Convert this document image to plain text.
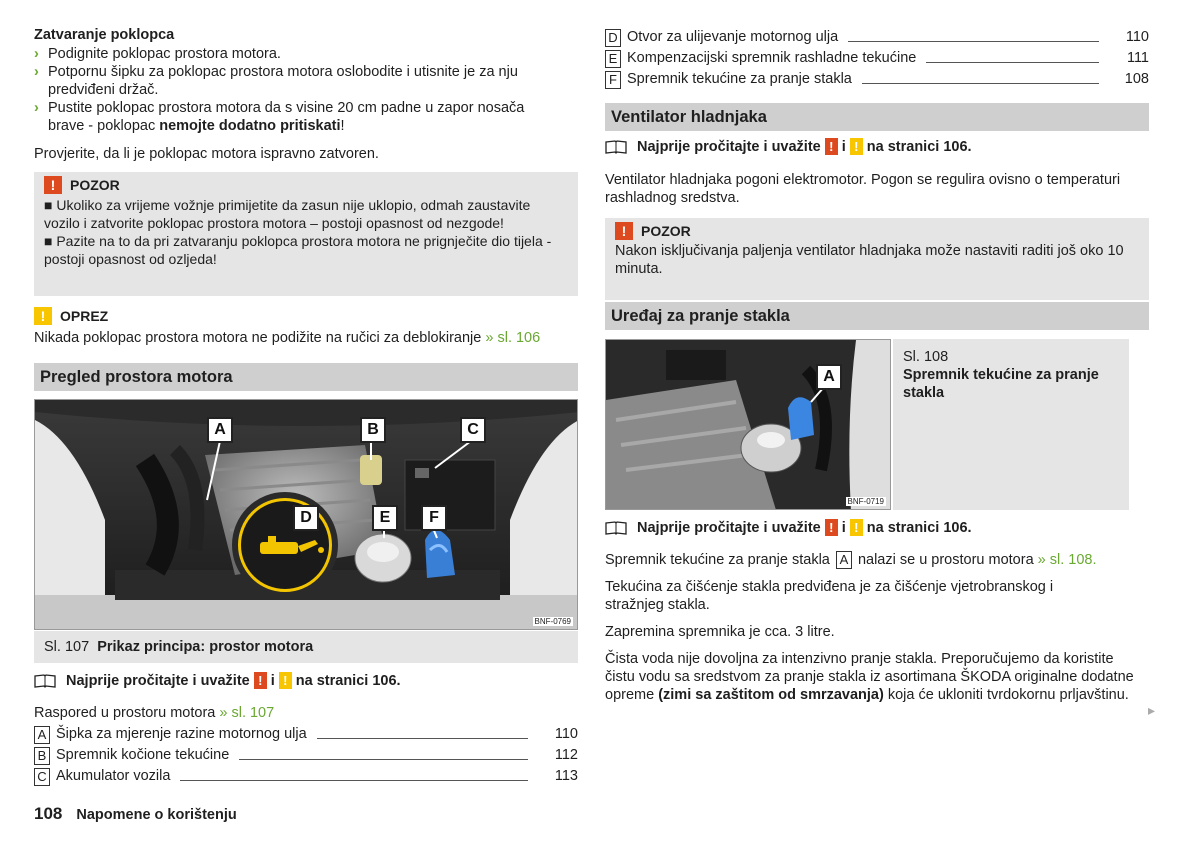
Zatvaranje poklopca

› Podignite poklopac prostora motora.
› Potpornu šipku za poklopac prostora motora oslobodite i utisnite je za nju predviđeni držač.
› Pustite poklopac prostora motora da s visine 20 cm padne u zapor nosača brave - poklopac nemojte dodatno pritiskati!

Provjerite, da li je poklopac motora ispravno zatvoren.

!	POZOR

■ Ukoliko za vrijeme vožnje primijetite da zasun nije uklopio, odmah zaustavite vozilo i zatvorite poklopac prostora motora – postoji opasnost od nezgode!

■ Pazite na to da pri zatvaranju poklopca prostora motora ne prignječite dio tijela - postoji opasnost od ozljeda!

!	OPREZ

Nikada poklopac prostora motora ne podižite na ručici za deblokiranje » sl. 106

Pregled prostora motora
A	B	C
D	E	F
BNF-0769
Sl. 107 Prikaz principa: prostor motora
Najprije pročitajte i uvažite ! i ! na stranici 106.

Raspored u prostoru motora » sl. 107

A Šipka za mjerenje razine motornog ulja	110
B Spremnik kočione tekućine	112
C Akumulator vozila	113
108 Napomene o korištenju
D Otvor za ulijevanje motornog ulja	110
E Kompenzacijski spremnik rashladne tekućine	111
F Spremnik tekućine za pranje stakla	108
Ventilator hladnjaka
Najprije pročitajte i uvažite ! i ! na stranici 106.

Ventilator hladnjaka pogoni elektromotor. Pogon se regulira ovisno o temperaturi rashladnog sredstva.

!	POZOR

Nakon isključivanja paljenja ventilator hladnjaka može nastaviti raditi još oko 10 minuta.

Uređaj za pranje stakla
A
BNF-0719

Sl. 108

Spremnik tekućine za pranje stakla

Najprije pročitajte i uvažite ! i ! na stranici 106.

Spremnik tekućine za pranje stakla A nalazi se u prostoru motora » sl. 108.

Tekućina za čišćenje stakla predviđena je za čišćenje vjetrobranskog i stražnjeg stakla.

Zapremina spremnika je cca. 3 litre.

Čista voda nije dovoljna za intenzivno pranje stakla. Preporučujemo da koristite čistu vodu sa sredstvom za pranje stakla iz asortimana ŠKODA originalne dodatne opreme (zimi sa zaštitom od smrzavanja) koja će ukloniti tvrdokornu prljavštinu.

▸
